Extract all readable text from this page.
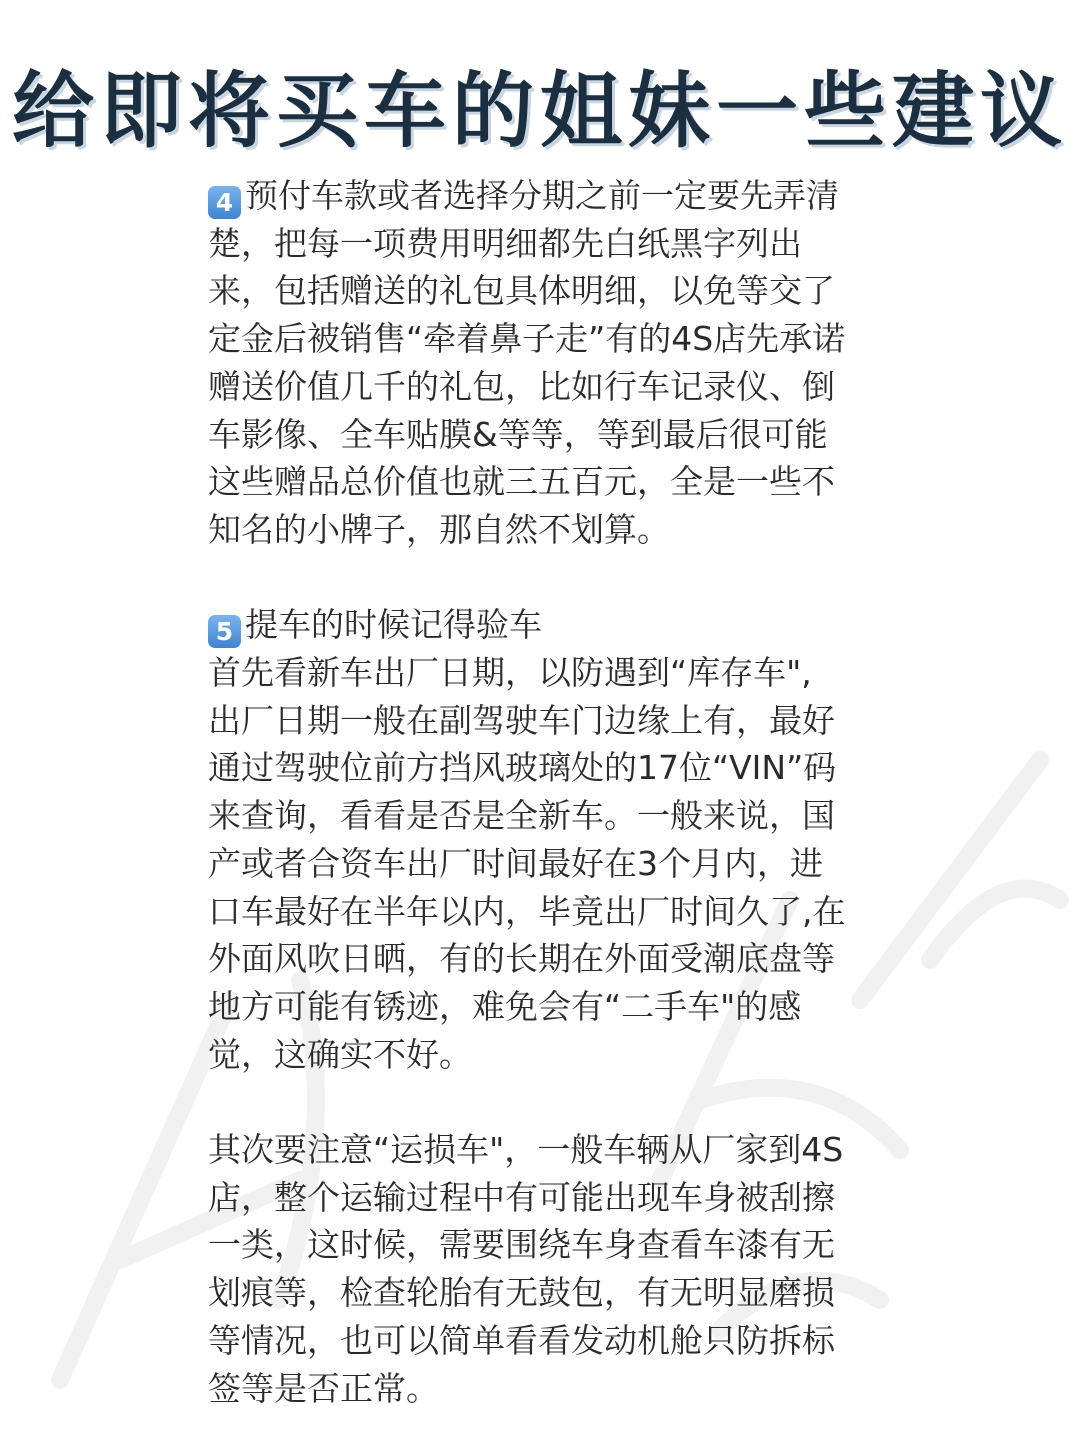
给即将买车的姐妹一些建议
4 预付车款或者选择分期之前一定要先弄清
楚，把每一项费用明细都先白纸黑字列出
来，包括赠送的礼包具体明细，以免等交了
定金后被销售“牵着鼻子走”有的4S店先承诺
赠送价值几千的礼包，比如行车记录仪、倒
车影像、全车贴膜&等等，等到最后很可能
这些赠品总价值也就三五百元，全是一些不
知名的小牌子，那自然不划算。
5 提车的时候记得验车
首先看新车出厂日期，以防遇到“库存车",
出厂日期一般在副驾驶车门边缘上有，最好
通过驾驶位前方挡风玻璃处的17位“VIN”码
来查询，看看是否是全新车。一般来说，国
产或者合资车出厂时间最好在3个月内，进
口车最好在半年以内，毕竟出厂时间久了,在
外面风吹日晒，有的长期在外面受潮底盘等
地方可能有锈迹，难免会有“二手车"的感
觉，这确实不好。
其次要注意“运损车"，一般车辆从厂家到4S
店，整个运输过程中有可能出现车身被刮擦
一类，这时候，需要围绕车身查看车漆有无
划痕等，检查轮胎有无鼓包，有无明显磨损
等情况，也可以简单看看发动机舱只防拆标
签等是否正常。
